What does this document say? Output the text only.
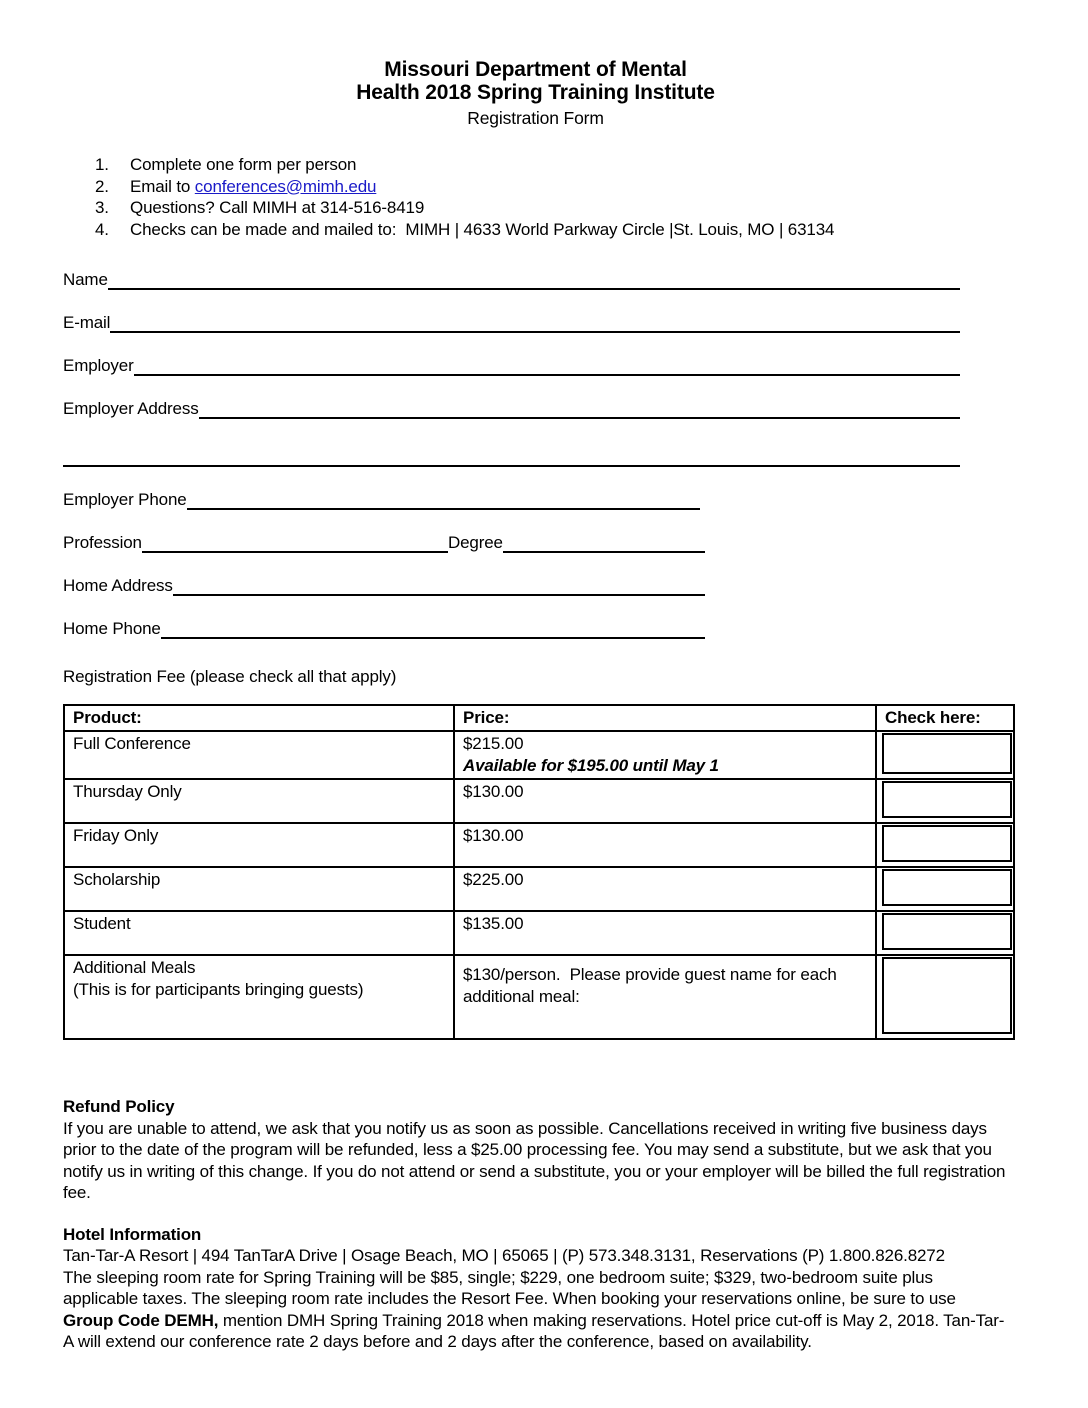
Missouri Department of Mental
Health 2018 Spring Training Institute
Registration Form
1.	Complete one form per person
2.	Email to conferences@mimh.edu
3.	Questions? Call MIMH at 314-516-8419
4.	Checks can be made and mailed to:  MIMH | 4633 World Parkway Circle |St. Louis, MO | 63134
Name
E-mail
Employer
Employer Address
Employer Phone
Profession	Degree
Home Address
Home Phone
Registration Fee (please check all that apply)
Product:	Price:	Check here:
Full Conference	$215.00
Available for $195.00 until May 1	

Thursday Only	$130.00	

Friday Only	$130.00	

Scholarship	$225.00	

Student	$135.00	

Additional Meals
(This is for participants bringing guests)	$130/person.  Please provide guest name for each additional meal:	
Refund Policy
If you are unable to attend, we ask that you notify us as soon as possible. Cancellations received in writing five business days prior to the date of the program will be refunded, less a $25.00 processing fee. You may send a substitute, but we ask that you notify us in writing of this change. If you do not attend or send a substitute, you or your employer will be billed the full registration fee.
Hotel Information
Tan-Tar-A Resort | 494 TanTarA Drive | Osage Beach, MO | 65065 | (P) 573.348.3131, Reservations (P) 1.800.826.8272
The sleeping room rate for Spring Training will be $85, single; $229, one bedroom suite; $329, two-bedroom suite plus applicable taxes. The sleeping room rate includes the Resort Fee. When booking your reservations online, be sure to use Group Code DEMH, mention DMH Spring Training 2018 when making reservations. Hotel price cut-off is May 2, 2018. Tan-Tar-A will extend our conference rate 2 days before and 2 days after the conference, based on availability.
